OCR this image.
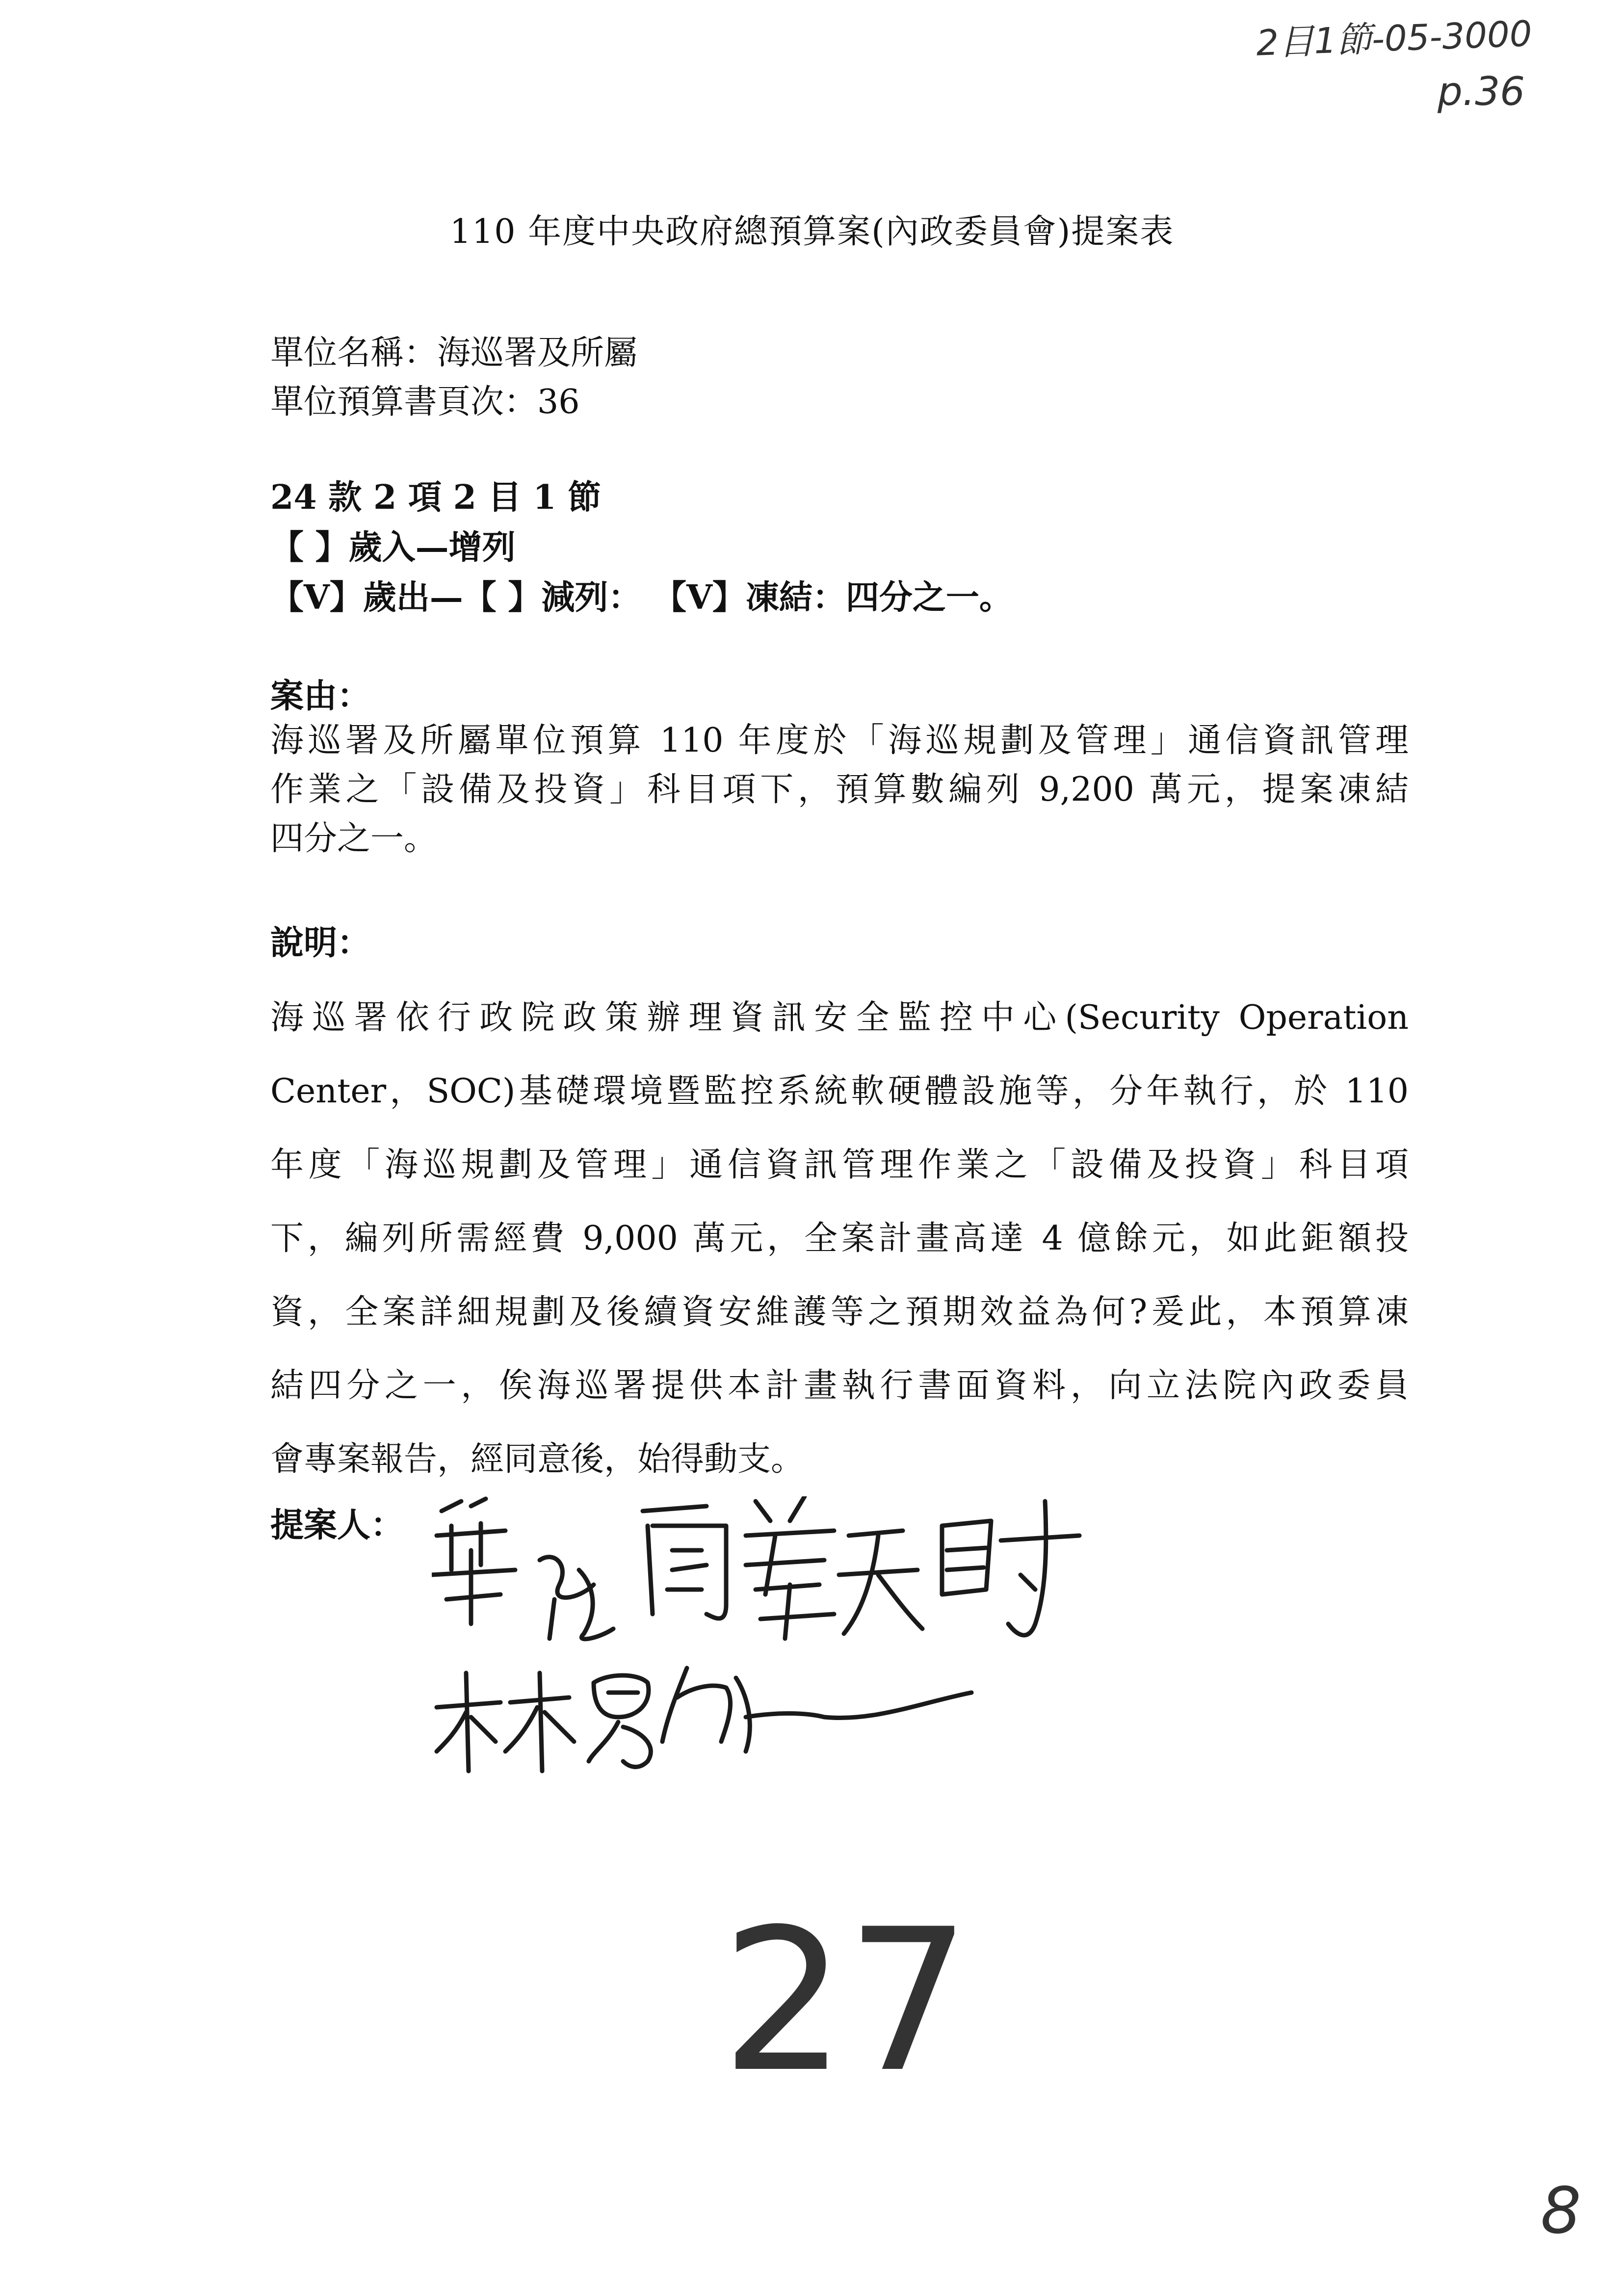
2目1節-05-3000
p.36
110 年度中央政府總預算案(內政委員會)提案表
單位名稱：海巡署及所屬
單位預算書頁次：36
24 款 2 項 2 目 1 節
【 】歲入—增列
【V】歲出—【 】減列： 【V】凍結：四分之一。
案由：
海巡署及所屬單位預算 110 年度於「海巡規劃及管理」通信資訊管理
作業之「設備及投資」科目項下，預算數編列 9,200 萬元，提案凍結
四分之一。
說明：
海巡署依行政院政策辦理資訊安全監控中心(Security Operation
Center，SOC)基礎環境暨監控系統軟硬體設施等，分年執行，於 110
年度「海巡規劃及管理」通信資訊管理作業之「設備及投資」科目項
下，編列所需經費 9,000 萬元，全案計畫高達 4 億餘元，如此鉅額投
資，全案詳細規劃及後續資安維護等之預期效益為何?爰此，本預算凍
結四分之一，俟海巡署提供本計畫執行書面資料，向立法院內政委員
會專案報告，經同意後，始得動支。
提案人：
27
8
